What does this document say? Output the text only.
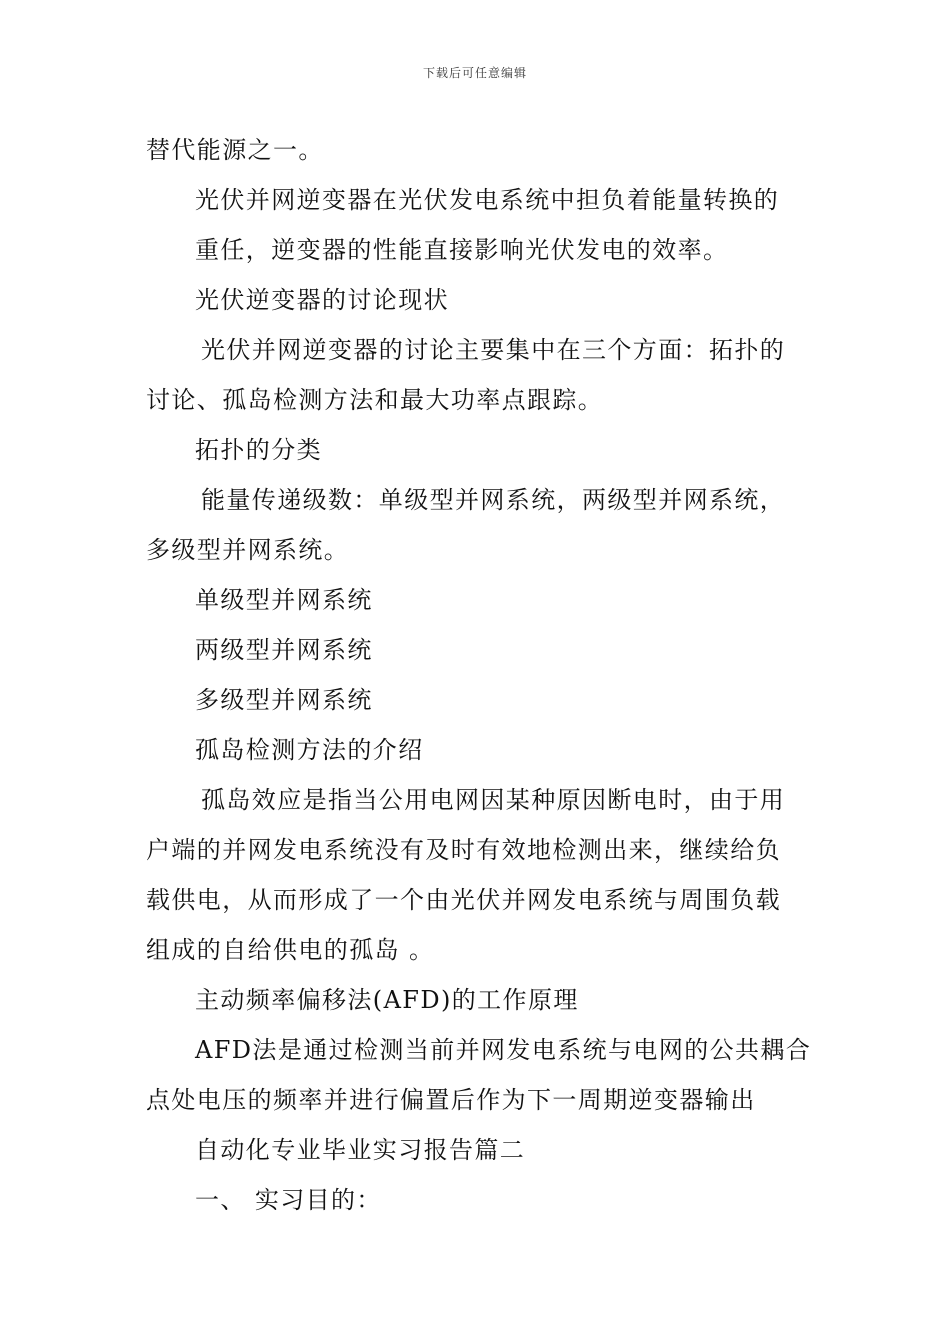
下载后可任意编辑
替代能源之一。
光伏并网逆变器在光伏发电系统中担负着能量转换的
重任，逆变器的性能直接影响光伏发电的效率。
光伏逆变器的讨论现状
光伏并网逆变器的讨论主要集中在三个方面：拓扑的
讨论、孤岛检测方法和最大功率点跟踪。
拓扑的分类
能量传递级数：单级型并网系统，两级型并网系统，
多级型并网系统。
单级型并网系统
两级型并网系统
多级型并网系统
孤岛检测方法的介绍
孤岛效应是指当公用电网因某种原因断电时，由于用
户端的并网发电系统没有及时有效地检测出来，继续给负
载供电，从而形成了一个由光伏并网发电系统与周围负载
组成的自给供电的孤岛 。
主动频率偏移法(AFD)的工作原理
AFD法是通过检测当前并网发电系统与电网的公共耦合
点处电压的频率并进行偏置后作为下一周期逆变器输出
自动化专业毕业实习报告篇二
一、 实习目的：
